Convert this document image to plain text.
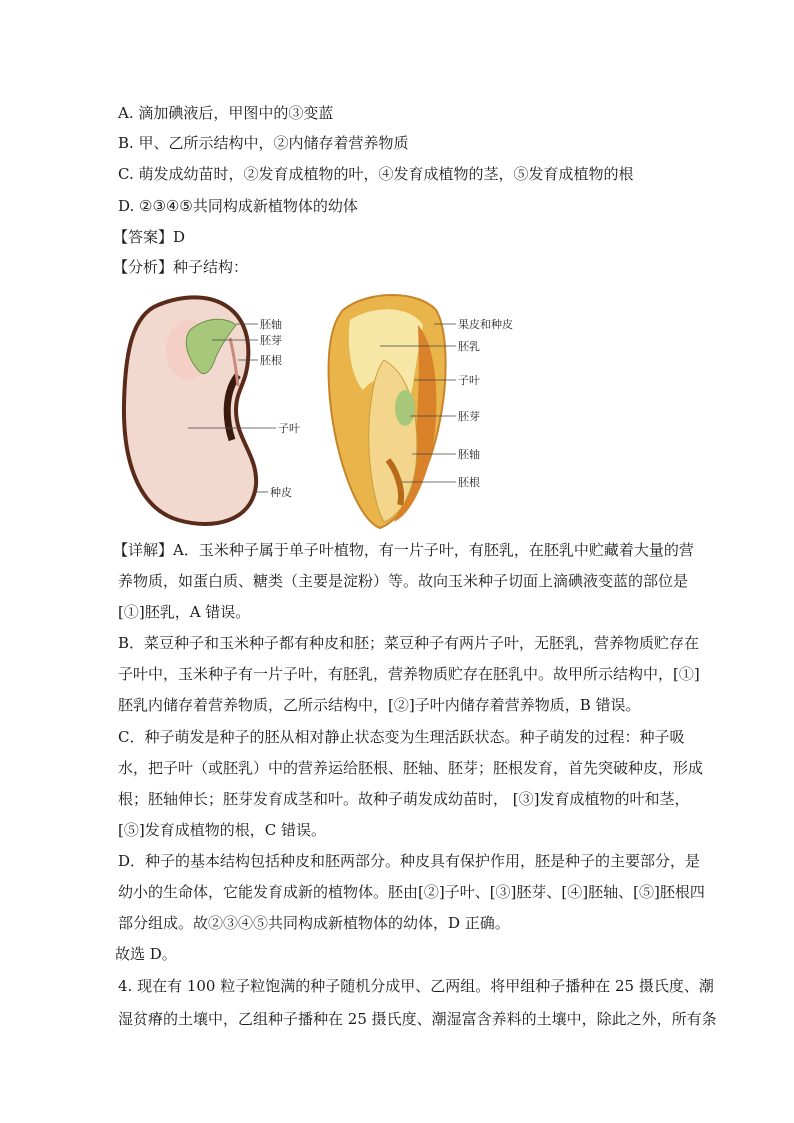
A. 滴加碘液后，甲图中的③变蓝
B. 甲、乙所示结构中，②内储存着营养物质
C. 萌发成幼苗时，②发育成植物的叶，④发育成植物的茎，⑤发育成植物的根
D. ②③④⑤共同构成新植物体的幼体
【答案】D
【分析】种子结构：
胚轴
胚芽
胚根
子叶
种皮
果皮和种皮
胚乳
子叶
胚芽
胚轴
胚根
【详解】A．玉米种子属于单子叶植物，有一片子叶，有胚乳，在胚乳中贮藏着大量的营
养物质，如蛋白质、糖类（主要是淀粉）等。故向玉米种子切面上滴碘液变蓝的部位是
[①]胚乳，A 错误。
B．菜豆种子和玉米种子都有种皮和胚；菜豆种子有两片子叶，无胚乳，营养物质贮存在
子叶中，玉米种子有一片子叶，有胚乳，营养物质贮存在胚乳中。故甲所示结构中，[①]
胚乳内储存着营养物质，乙所示结构中，[②]子叶内储存着营养物质，B 错误。
C．种子萌发是种子的胚从相对静止状态变为生理活跃状态。种子萌发的过程：种子吸
水，把子叶（或胚乳）中的营养运给胚根、胚轴、胚芽；胚根发育，首先突破种皮，形成
根；胚轴伸长；胚芽发育成茎和叶。故种子萌发成幼苗时， [③]发育成植物的叶和茎，
[⑤]发育成植物的根，C 错误。
D．种子的基本结构包括种皮和胚两部分。种皮具有保护作用，胚是种子的主要部分，是
幼小的生命体，它能发育成新的植物体。胚由[②]子叶、[③]胚芽、[④]胚轴、[⑤]胚根四
部分组成。故②③④⑤共同构成新植物体的幼体，D 正确。
故选 D。
4. 现在有 100 粒子粒饱满的种子随机分成甲、乙两组。将甲组种子播种在 25 摄氏度、潮
湿贫瘠的土壤中，乙组种子播种在 25 摄氏度、潮湿富含养料的土壤中，除此之外，所有条
